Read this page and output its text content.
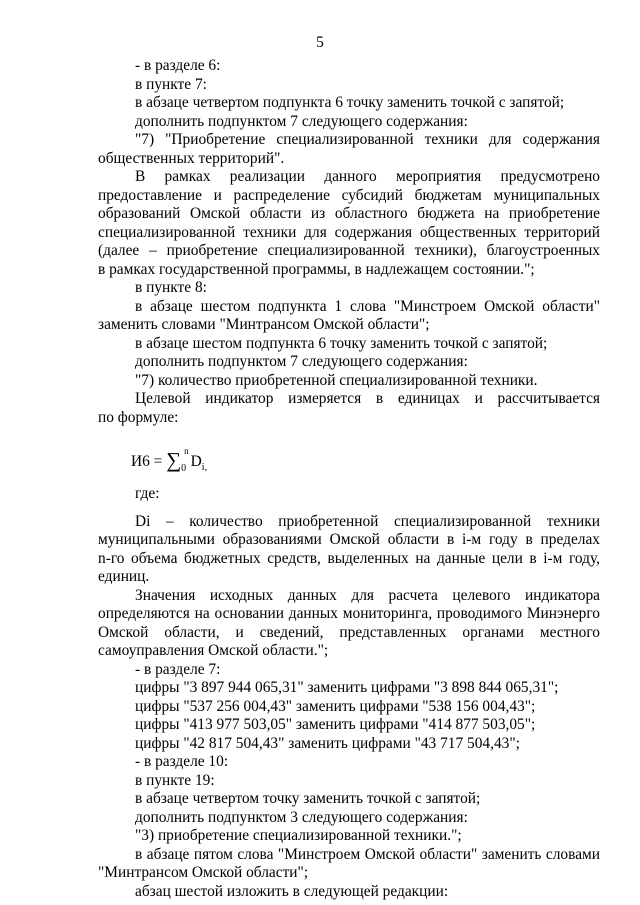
5
- в разделе 6:
в пункте 7:
в абзаце четвертом подпункта 6 точку заменить точкой с запятой;
дополнить подпунктом 7 следующего содержания:
"7) "Приобретение специализированной техники для содержания
общественных территорий".
В рамках реализации данного мероприятия предусмотрено
предоставление и распределение субсидий бюджетам муниципальных
образований Омской области из областного бюджета на приобретение
специализированной техники для содержания общественных территорий
(далее – приобретение специализированной техники), благоустроенных
в рамках государственной программы, в надлежащем состоянии.";
в пункте 8:
в абзаце шестом подпункта 1 слова "Минстроем Омской области"
заменить словами "Минтрансом Омской области";
в абзаце шестом подпункта 6 точку заменить точкой с запятой;
дополнить подпунктом 7 следующего содержания:
"7) количество приобретенной специализированной техники.
Целевой индикатор измеряется в единицах и рассчитывается
по формуле:
$И6 = \sum_0^nD_{i,}$
где:
Di – количество приобретенной специализированной техники
муниципальными образованиями Омской области в i-м году в пределах
n-го объема бюджетных средств, выделенных на данные цели в i-м году,
единиц.
Значения исходных данных для расчета целевого индикатора
определяются на основании данных мониторинга, проводимого Минэнерго
Омской области, и сведений, представленных органами местного
самоуправления Омской области.";
- в разделе 7:
цифры "3 897 944 065,31" заменить цифрами "3 898 844 065,31";
цифры "537 256 004,43" заменить цифрами "538 156 004,43";
цифры "413 977 503,05" заменить цифрами "414 877 503,05";
цифры "42 817 504,43" заменить цифрами "43 717 504,43";
- в разделе 10:
в пункте 19:
в абзаце четвертом точку заменить точкой с запятой;
дополнить подпунктом 3 следующего содержания:
"3) приобретение специализированной техники.";
в абзаце пятом слова "Минстроем Омской области" заменить словами
"Минтрансом Омской области";
абзац шестой изложить в следующей редакции:
